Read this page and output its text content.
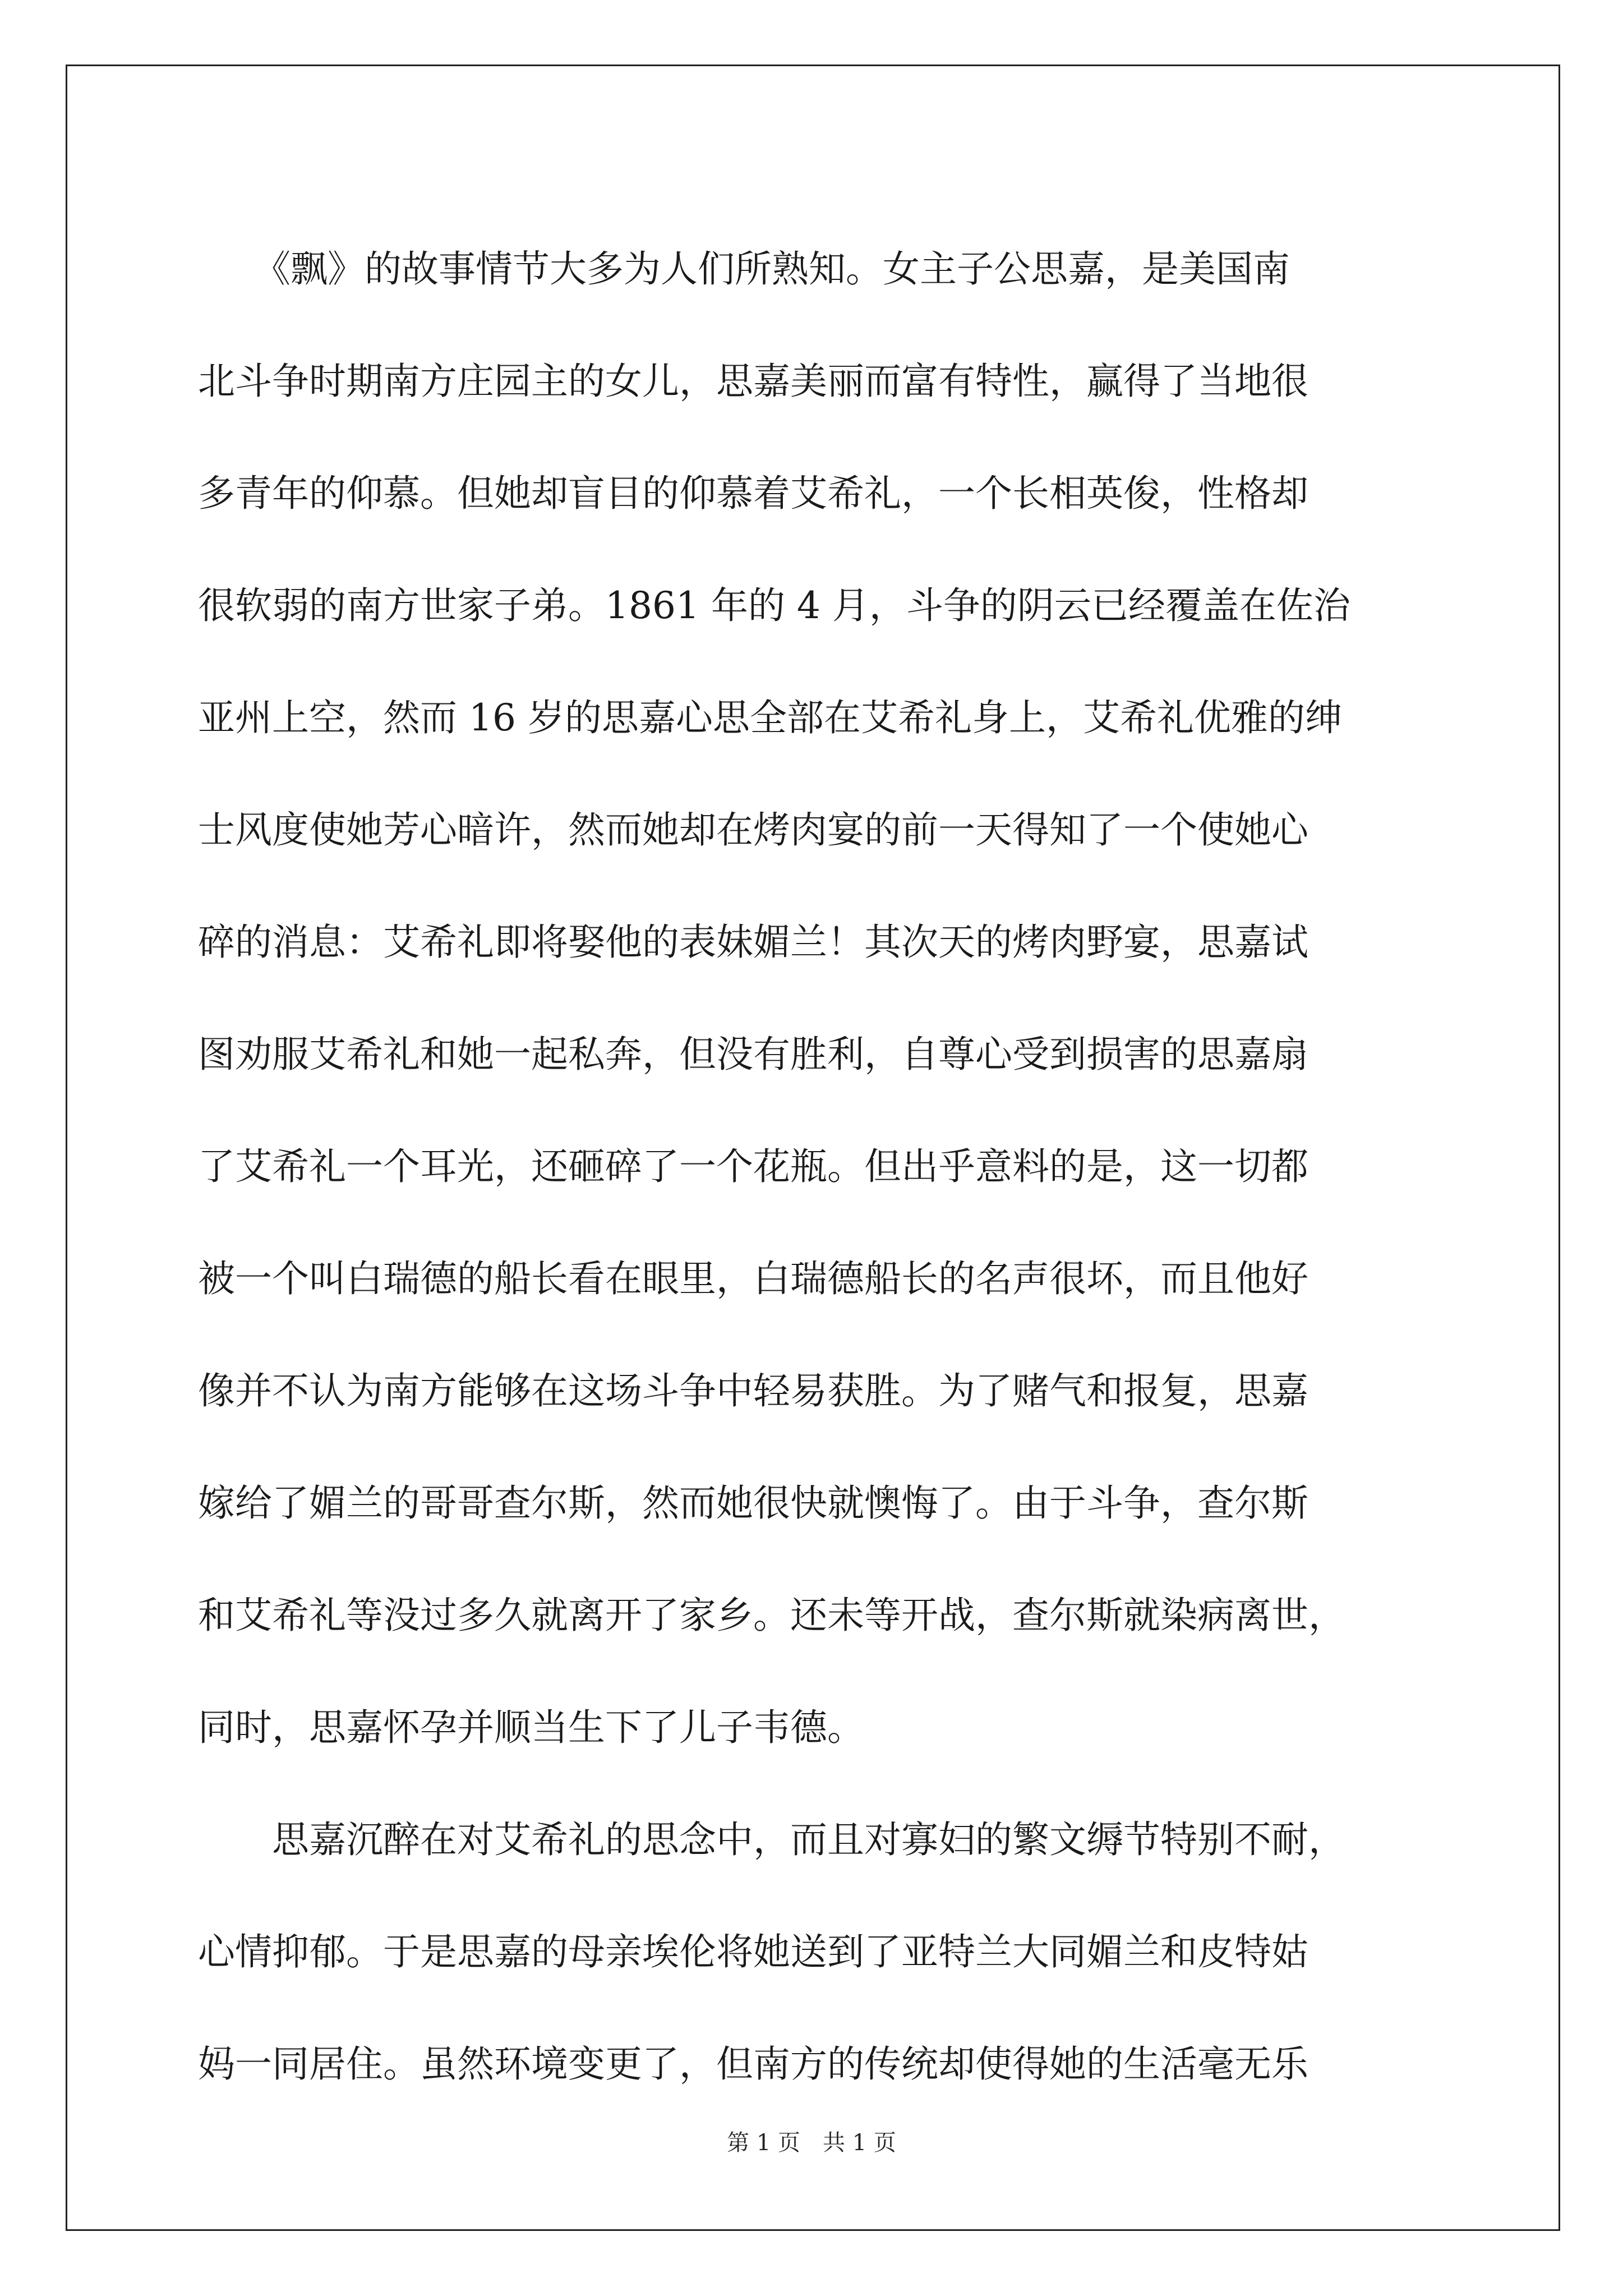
　　《飘》的故事情节大多为人们所熟知。女主子公思嘉，是美国南
北斗争时期南方庄园主的女儿，思嘉美丽而富有特性，赢得了当地很
多青年的仰慕。但她却盲目的仰慕着艾希礼，一个长相英俊，性格却
很软弱的南方世家子弟。1861 年的 4 月，斗争的阴云已经覆盖在佐治
亚州上空，然而 16 岁的思嘉心思全部在艾希礼身上，艾希礼优雅的绅
士风度使她芳心暗许，然而她却在烤肉宴的前一天得知了一个使她心
碎的消息：艾希礼即将娶他的表妹媚兰！其次天的烤肉野宴，思嘉试
图劝服艾希礼和她一起私奔，但没有胜利，自尊心受到损害的思嘉扇
了艾希礼一个耳光，还砸碎了一个花瓶。但出乎意料的是，这一切都
被一个叫白瑞德的船长看在眼里，白瑞德船长的名声很坏，而且他好
像并不认为南方能够在这场斗争中轻易获胜。为了赌气和报复，思嘉
嫁给了媚兰的哥哥查尔斯，然而她很快就懊悔了。由于斗争，查尔斯
和艾希礼等没过多久就离开了家乡。还未等开战，查尔斯就染病离世，
同时，思嘉怀孕并顺当生下了儿子韦德。
　　思嘉沉醉在对艾希礼的思念中，而且对寡妇的繁文缛节特别不耐，
心情抑郁。于是思嘉的母亲埃伦将她送到了亚特兰大同媚兰和皮特姑
妈一同居住。虽然环境变更了，但南方的传统却使得她的生活毫无乐
第 1 页　共 1 页
